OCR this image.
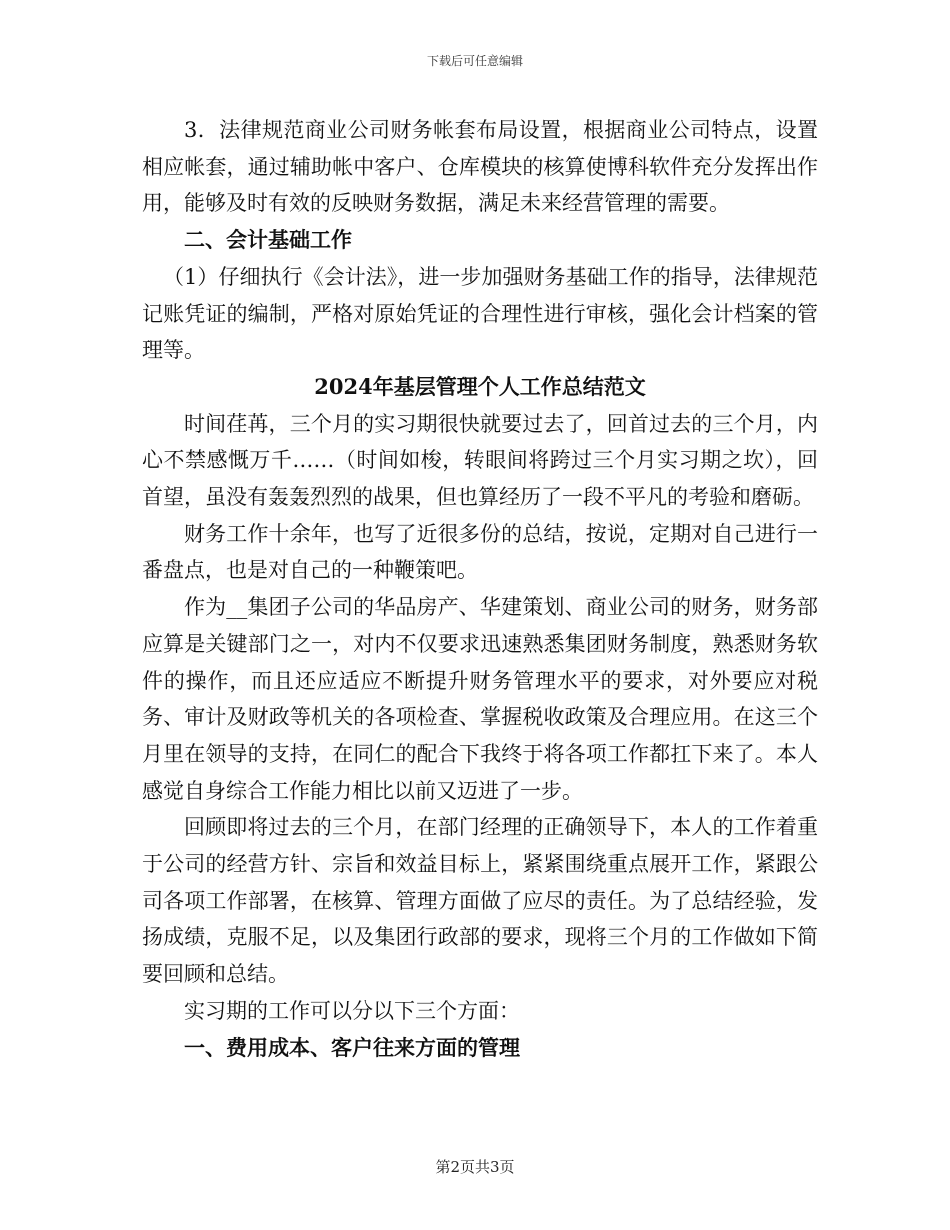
下载后可任意编辑

3．法律规范商业公司财务帐套布局设置，根据商业公司特点，设置相应帐套，通过辅助帐中客户、仓库模块的核算使博科软件充分发挥出作用，能够及时有效的反映财务数据，满足未来经营管理的需要。

二、会计基础工作

（1）仔细执行《会计法》，进一步加强财务基础工作的指导，法律规范记账凭证的编制，严格对原始凭证的合理性进行审核，强化会计档案的管理等。

2024年基层管理个人工作总结范文

时间荏苒，三个月的实习期很快就要过去了，回首过去的三个月，内心不禁感慨万千……（时间如梭，转眼间将跨过三个月实习期之坎），回首望，虽没有轰轰烈烈的战果，但也算经历了一段不平凡的考验和磨砺。

财务工作十余年，也写了近很多份的总结，按说，定期对自己进行一番盘点，也是对自己的一种鞭策吧。

作为__集团子公司的华品房产、华建策划、商业公司的财务，财务部应算是关键部门之一，对内不仅要求迅速熟悉集团财务制度，熟悉财务软件的操作，而且还应适应不断提升财务管理水平的要求，对外要应对税务、审计及财政等机关的各项检查、掌握税收政策及合理应用。在这三个月里在领导的支持，在同仁的配合下我终于将各项工作都扛下来了。本人感觉自身综合工作能力相比以前又迈进了一步。

回顾即将过去的三个月，在部门经理的正确领导下，本人的工作着重于公司的经营方针、宗旨和效益目标上，紧紧围绕重点展开工作，紧跟公司各项工作部署，在核算、管理方面做了应尽的责任。为了总结经验，发扬成绩，克服不足，以及集团行政部的要求，现将三个月的工作做如下简要回顾和总结。

实习期的工作可以分以下三个方面：

一、费用成本、客户往来方面的管理

第2页共3页
